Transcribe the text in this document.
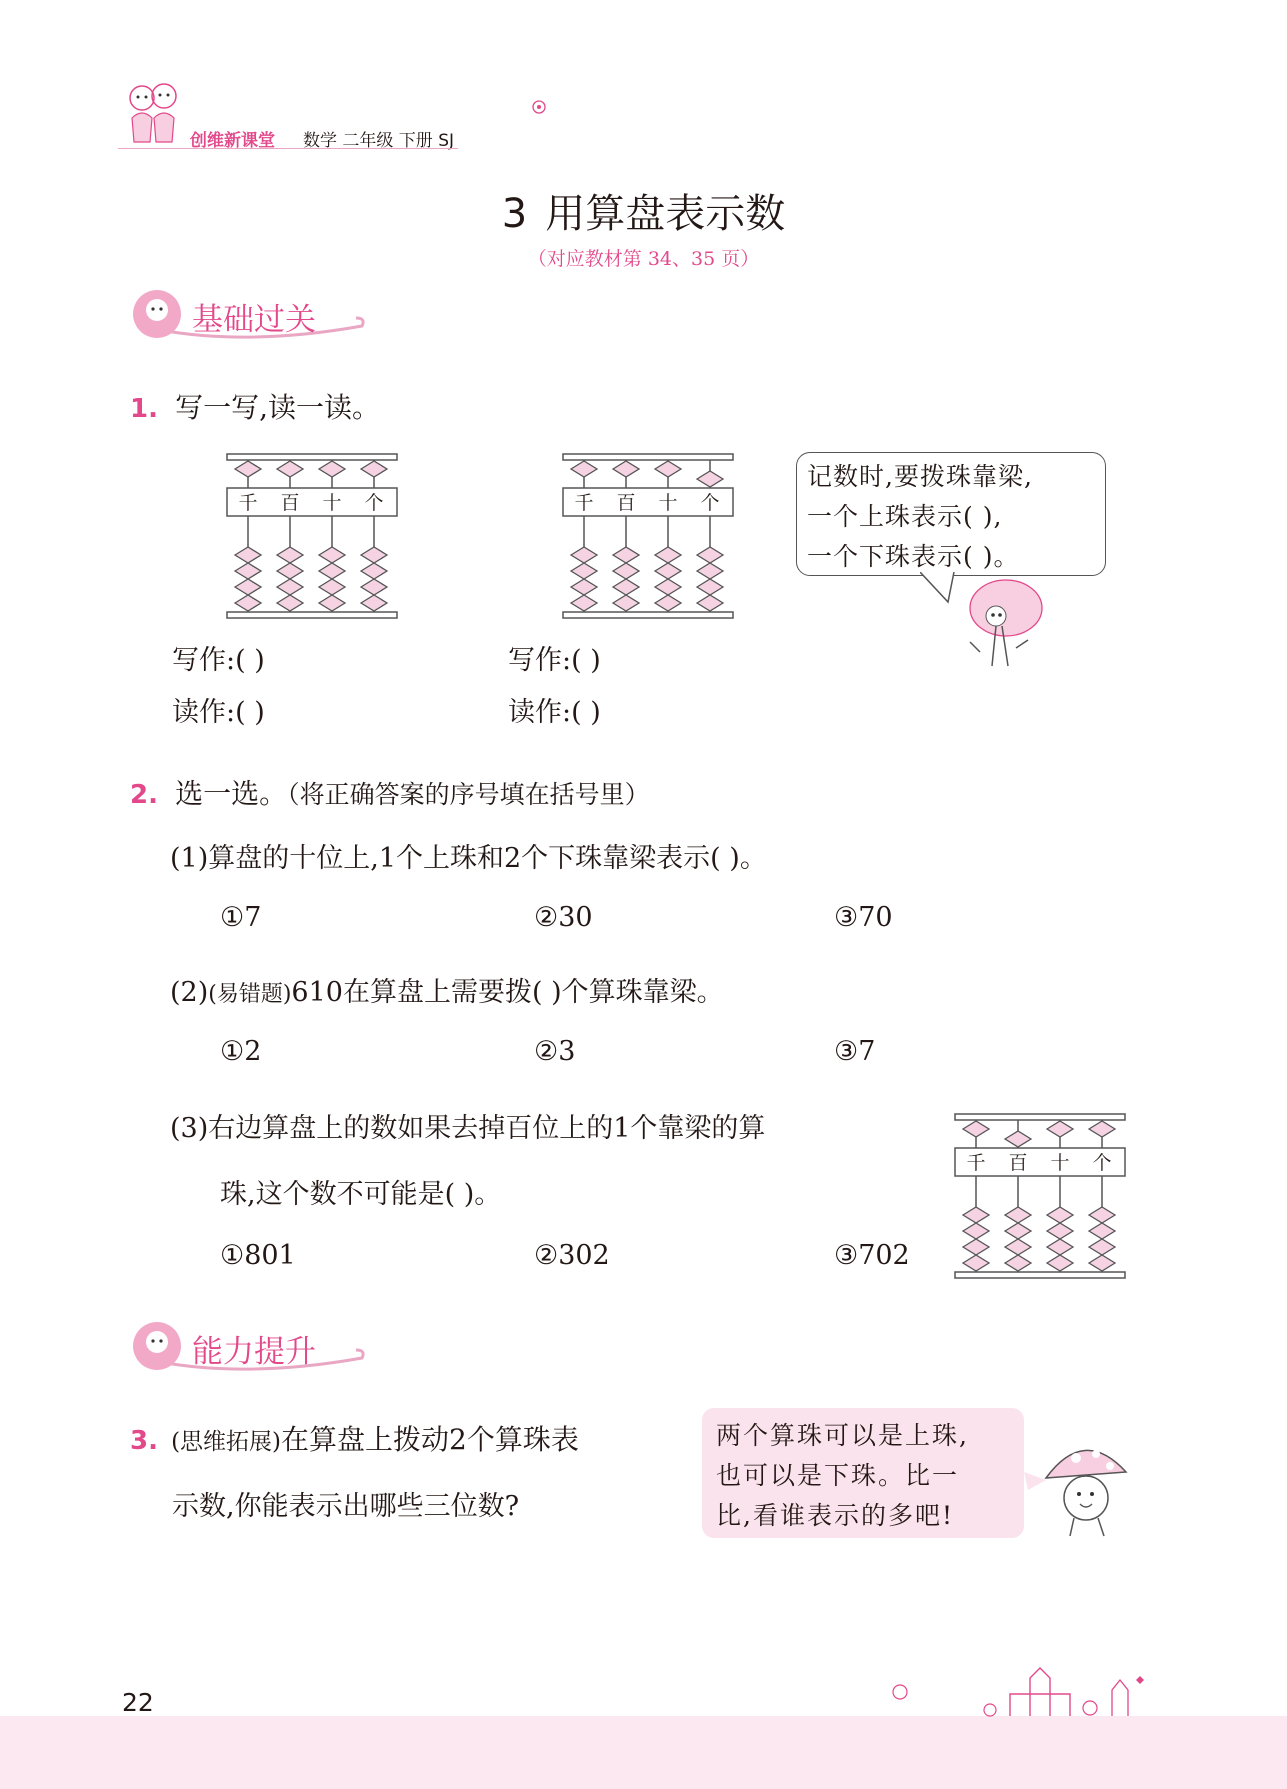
创维新课堂 数学 二年级 下册 SJ
3 用算盘表示数
（对应教材第 34、35 页）
基础过关
1. 写一写,读一读。
千 百 十 个	千 百 十 个
写作:( )
读作:( )
写作:( )
读作:( )
记数时,要拨珠靠梁,
一个上珠表示( ),
一个下珠表示( )。
2. 选一选。（将正确答案的序号填在括号里）
(1)算盘的十位上,1个上珠和2个下珠靠梁表示( )。
①7	②30	③70
(2)(易错题)610在算盘上需要拨( )个算珠靠梁。
①2	②3	③7
(3)右边算盘上的数如果去掉百位上的1个靠梁的算
珠,这个数不可能是( )。
①801	②302	③702
千 百 十 个
能力提升
3. (思维拓展)在算盘上拨动2个算珠表
示数,你能表示出哪些三位数?
两个算珠可以是上珠,
也可以是下珠。比一
比,看谁表示的多吧!
22
